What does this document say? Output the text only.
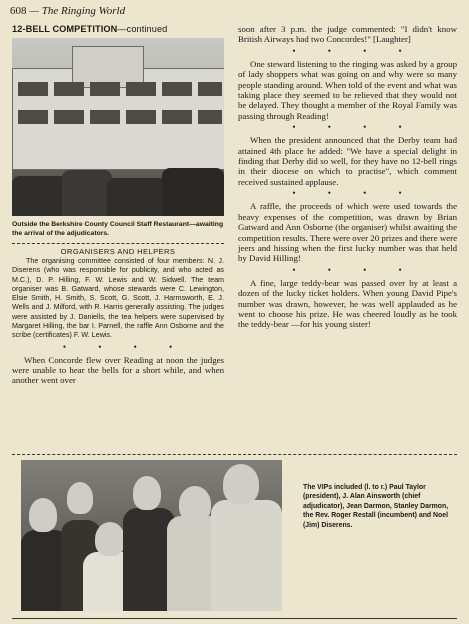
608 — The Ringing World
12-BELL COMPETITION—continued
Outside the Berkshire County Council Staff Restaurant—awaiting the arrival of the adjudicators.
ORGANISERS AND HELPERS

The organising committee consisted of four members: N. J. Diserens (who was responsible for publicity, and who acted as M.C.), D. P. Hilling, F. W. Lewis and W. Sidwell. The team organiser was B. Gatward, whose stewards were C. Lewington, Elsie Smith, H. Smith, S. Scott, G. Scott, J. Harmsworth, E. J. Wells and J. Milford, with R. Harris generally assisting. The judges were assisted by J. Daniells, the tea helpers were supervised by Margaret Hilling, the bar I. Parnell, the raffle Ann Osborne and the scribe (certificates) F. W. Lewis.

• • • •

When Concorde flew over Reading at noon the judges were unable to hear the bells for a short while, and when another went over

soon after 3 p.m. the judge commented: "I didn't know British Airways had two Concordes!" [Laughter]

• • • •

One steward listening to the ringing was asked by a group of lady shoppers what was going on and why were so many people standing around. When told of the event and what was taking place they seemed to be relieved that they would not be delayed. They thought a member of the Royal Family was passing through Reading!

• • • •

When the president announced that the Derby team had attained 4th place he added: "We have a special delight in finding that Derby did so well, for they have no 12-bell rings in their diocese on which to practise", which comment received sustained applause.

• • • •

A raffle, the proceeds of which were used towards the heavy expenses of the competition, was drawn by Brian Gatward and Ann Osborne (the organiser) whilst awaiting the competition results. There were over 20 prizes and there were jeers and hissing when the first lucky number was that held by David Hilling!

• • • •

A fine, large teddy-bear was passed over by at least a dozen of the lucky ticket holders. When young David Pipe's number was drawn, however, he was well applauded as he went to choose his prize. He was cheered loudly as he took the teddy-bear —for his young sister!

The VIPs included (l. to r.) Paul Taylor (president), J. Alan Ainsworth (chief adjudicator), Jean Darmon, Stanley Darmon, the Rev. Roger Restall (incumbent) and Noel (Jim) Diserens.
